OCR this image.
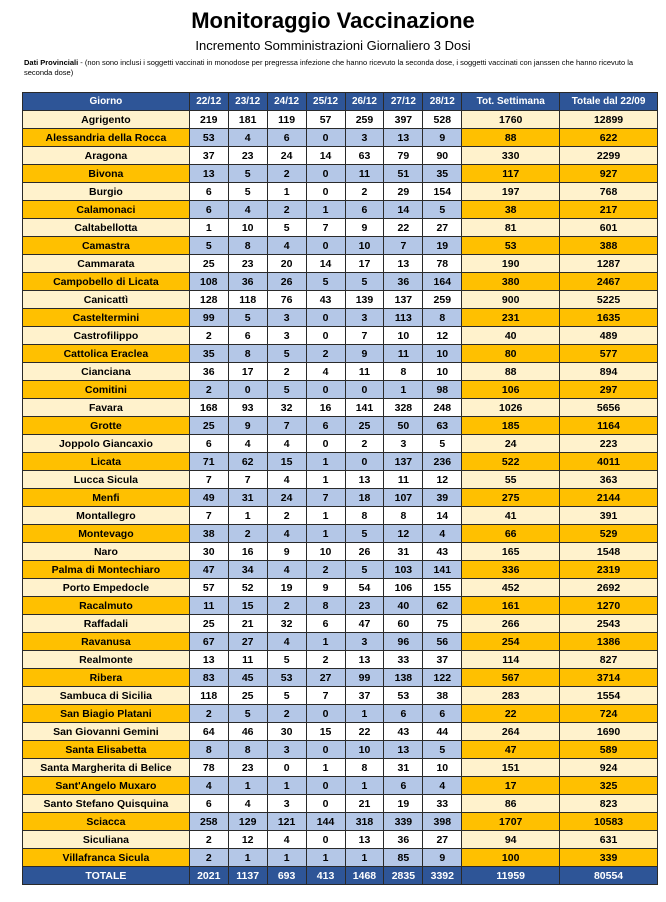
Monitoraggio Vaccinazione
Incremento Somministrazioni Giornaliero 3 Dosi
Dati Provinciali - (non sono inclusi i soggetti vaccinati in monodose per pregressa infezione che hanno ricevuto la seconda dose, i soggetti vaccinati con janssen che hanno ricevuto la seconda dose)
Giorno	22/12	23/12	24/12	25/12	26/12	27/12	28/12	Tot. Settimana	Totale dal 22/09
Agrigento	219	181	119	57	259	397	528	1760	12899
Alessandria della Rocca	53	4	6	0	3	13	9	88	622
Aragona	37	23	24	14	63	79	90	330	2299
Bivona	13	5	2	0	11	51	35	117	927
Burgio	6	5	1	0	2	29	154	197	768
Calamonaci	6	4	2	1	6	14	5	38	217
Caltabellotta	1	10	5	7	9	22	27	81	601
Camastra	5	8	4	0	10	7	19	53	388
Cammarata	25	23	20	14	17	13	78	190	1287
Campobello di Licata	108	36	26	5	5	36	164	380	2467
Canicattì	128	118	76	43	139	137	259	900	5225
Casteltermini	99	5	3	0	3	113	8	231	1635
Castrofilippo	2	6	3	0	7	10	12	40	489
Cattolica Eraclea	35	8	5	2	9	11	10	80	577
Cianciana	36	17	2	4	11	8	10	88	894
Comitini	2	0	5	0	0	1	98	106	297
Favara	168	93	32	16	141	328	248	1026	5656
Grotte	25	9	7	6	25	50	63	185	1164
Joppolo Giancaxio	6	4	4	0	2	3	5	24	223
Licata	71	62	15	1	0	137	236	522	4011
Lucca Sicula	7	7	4	1	13	11	12	55	363
Menfi	49	31	24	7	18	107	39	275	2144
Montallegro	7	1	2	1	8	8	14	41	391
Montevago	38	2	4	1	5	12	4	66	529
Naro	30	16	9	10	26	31	43	165	1548
Palma di Montechiaro	47	34	4	2	5	103	141	336	2319
Porto Empedocle	57	52	19	9	54	106	155	452	2692
Racalmuto	11	15	2	8	23	40	62	161	1270
Raffadali	25	21	32	6	47	60	75	266	2543
Ravanusa	67	27	4	1	3	96	56	254	1386
Realmonte	13	11	5	2	13	33	37	114	827
Ribera	83	45	53	27	99	138	122	567	3714
Sambuca di Sicilia	118	25	5	7	37	53	38	283	1554
San Biagio Platani	2	5	2	0	1	6	6	22	724
San Giovanni Gemini	64	46	30	15	22	43	44	264	1690
Santa Elisabetta	8	8	3	0	10	13	5	47	589
Santa Margherita di Belice	78	23	0	1	8	31	10	151	924
Sant'Angelo Muxaro	4	1	1	0	1	6	4	17	325
Santo Stefano Quisquina	6	4	3	0	21	19	33	86	823
Sciacca	258	129	121	144	318	339	398	1707	10583
Siculiana	2	12	4	0	13	36	27	94	631
Villafranca Sicula	2	1	1	1	1	85	9	100	339
TOTALE	2021	1137	693	413	1468	2835	3392	11959	80554
